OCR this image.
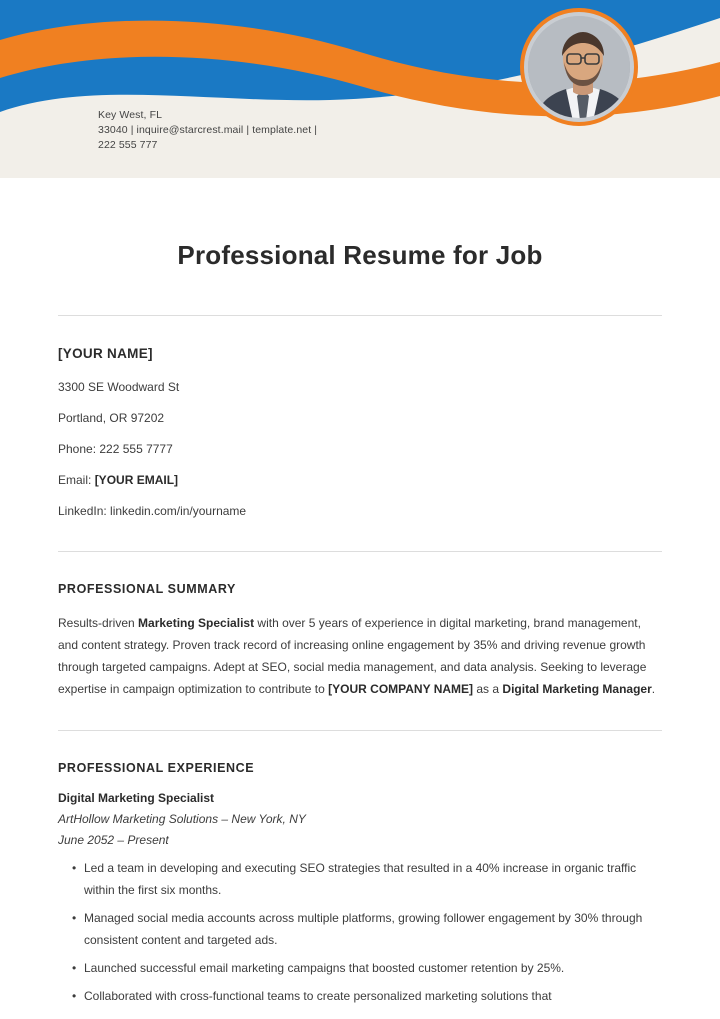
Key West, FL
33040 | inquire@starcrest.mail | template.net |
222 555 777
Professional Resume for Job
[YOUR NAME]
3300 SE Woodward St
Portland, OR 97202
Phone: 222 555 7777
Email: [YOUR EMAIL]
LinkedIn: linkedin.com/in/yourname
PROFESSIONAL SUMMARY
Results-driven Marketing Specialist with over 5 years of experience in digital marketing, brand management, and content strategy. Proven track record of increasing online engagement by 35% and driving revenue growth through targeted campaigns. Adept at SEO, social media management, and data analysis. Seeking to leverage expertise in campaign optimization to contribute to [YOUR COMPANY NAME] as a Digital Marketing Manager.
PROFESSIONAL EXPERIENCE
Digital Marketing Specialist
ArtHollow Marketing Solutions – New York, NY
June 2052 – Present
• Led a team in developing and executing SEO strategies that resulted in a 40% increase in organic traffic within the first six months.
• Managed social media accounts across multiple platforms, growing follower engagement by 30% through consistent content and targeted ads.
• Launched successful email marketing campaigns that boosted customer retention by 25%.
• Collaborated with cross-functional teams to create personalized marketing solutions that
